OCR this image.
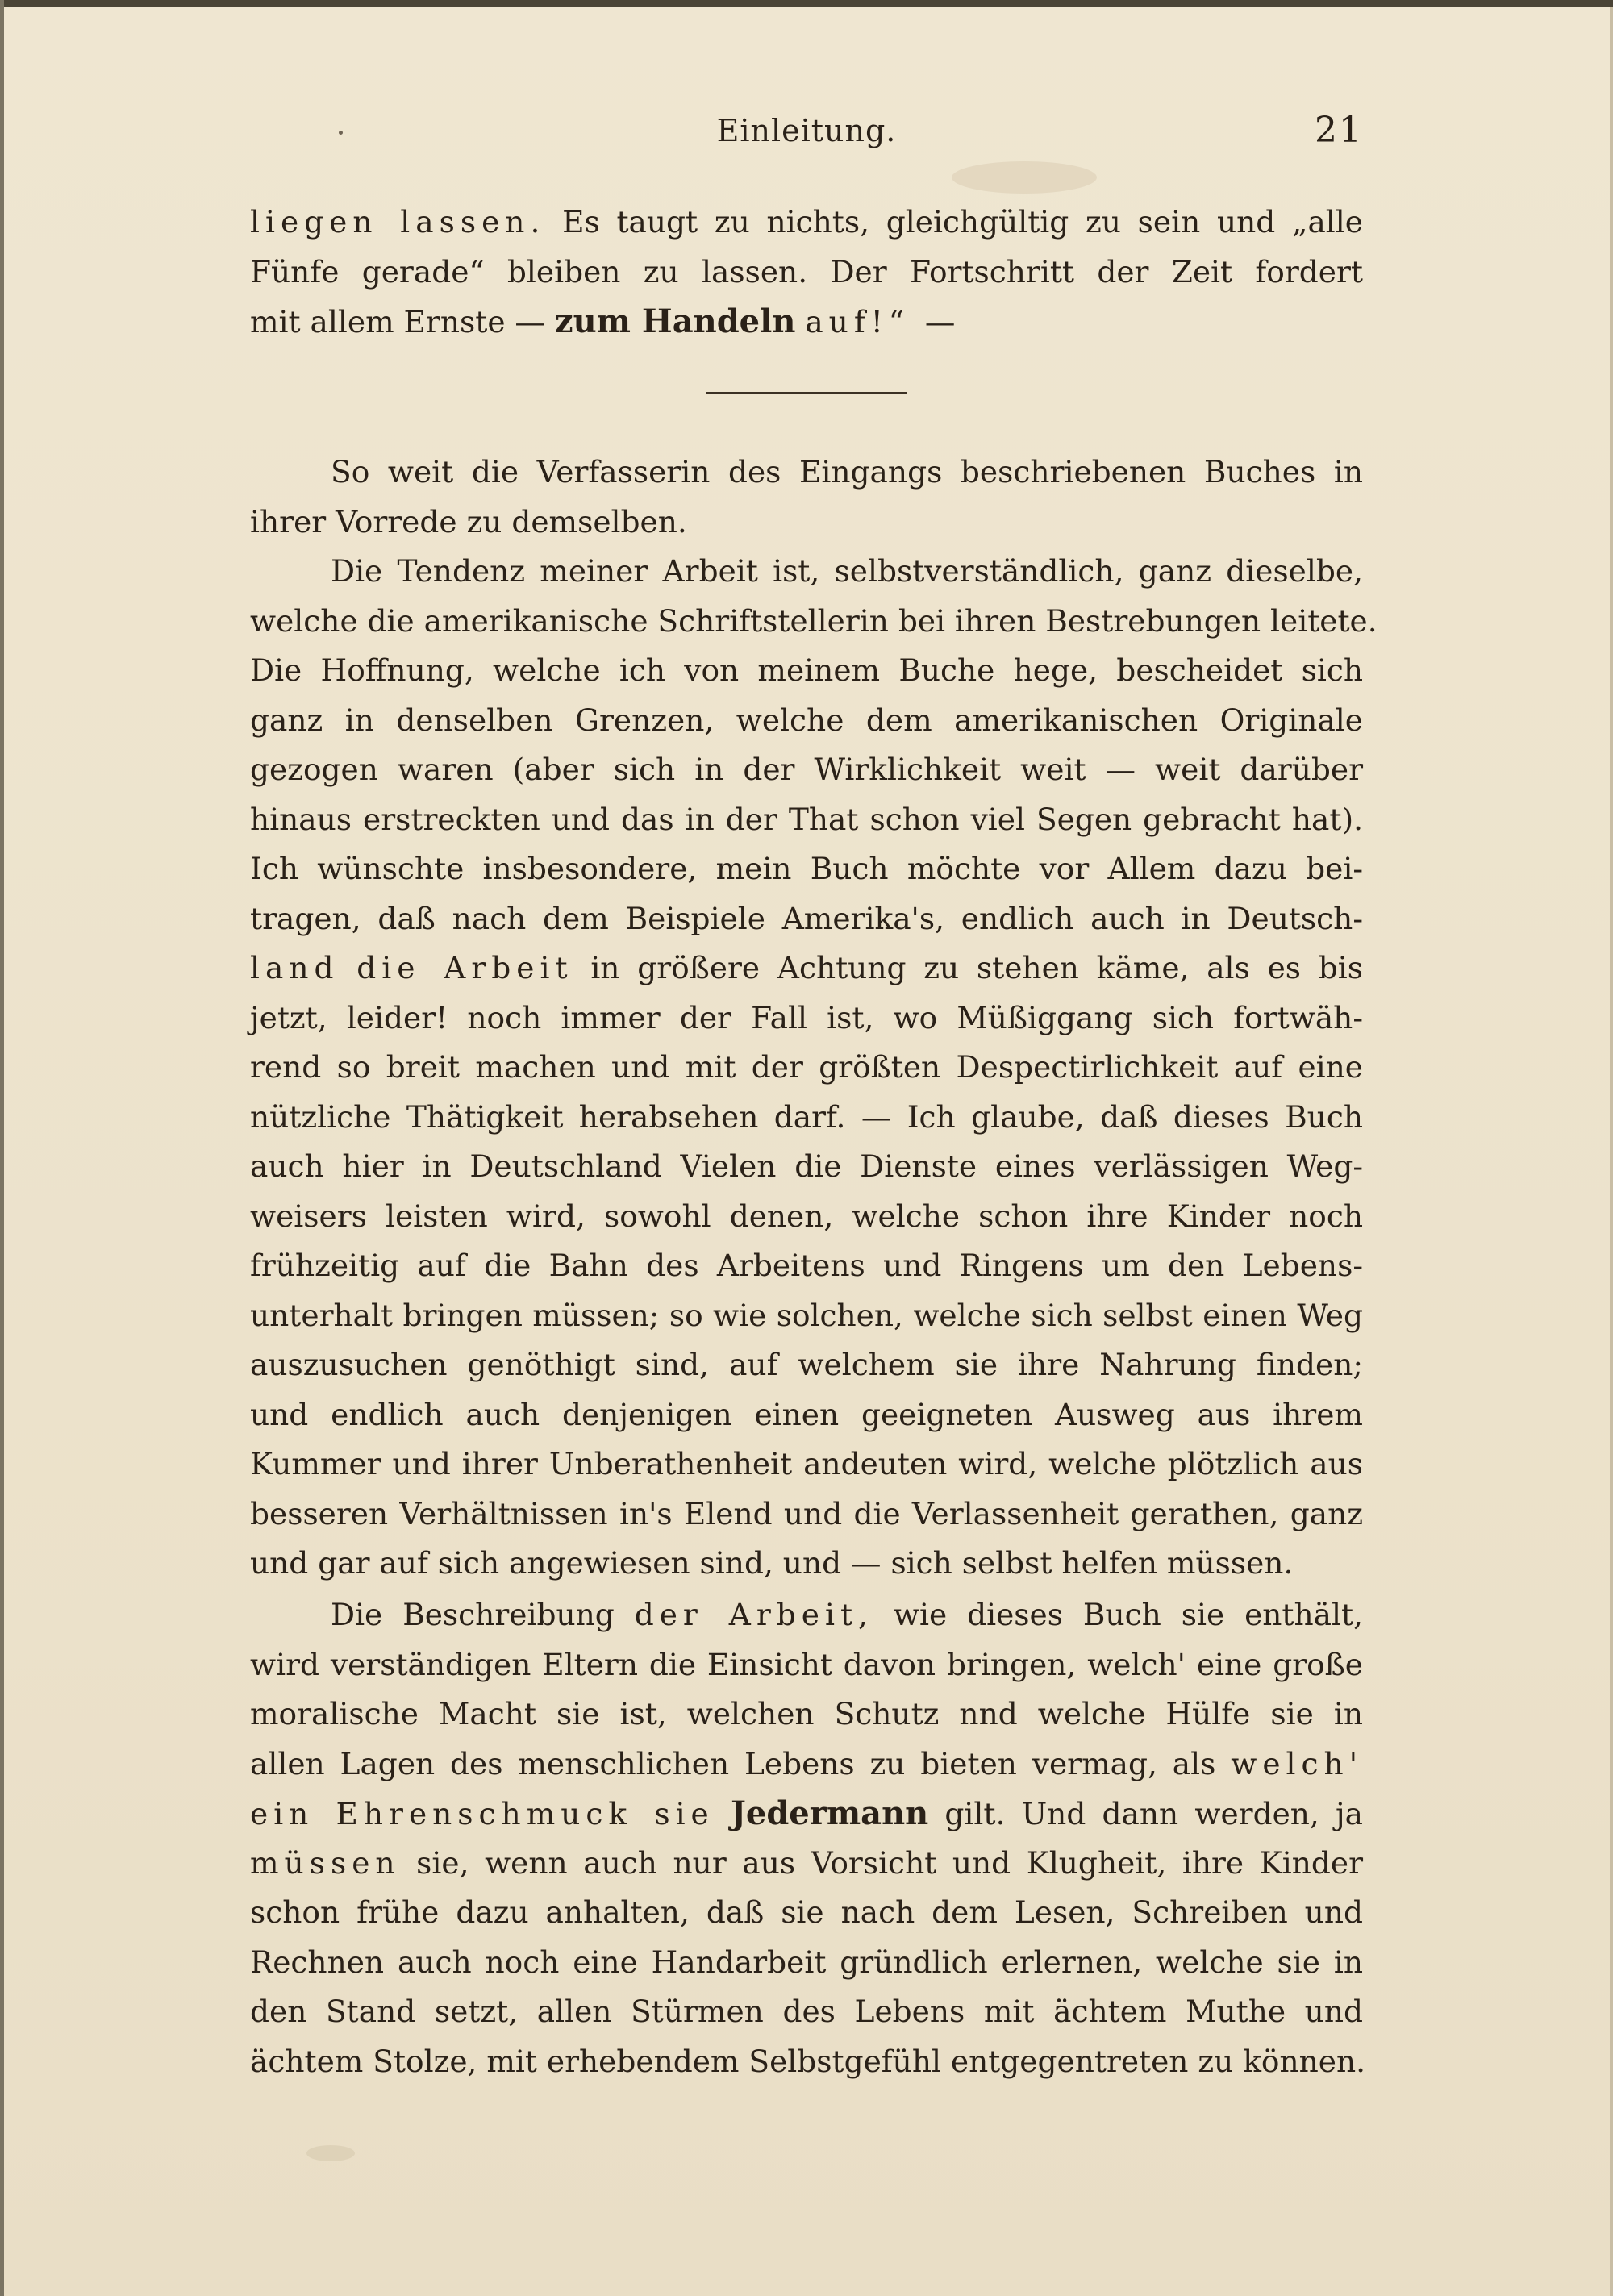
Einleitung.	21
liegen lassen. Es taugt zu nichts, gleichgültig zu sein und „alle
Fünfe gerade“ bleiben zu lassen. Der Fortschritt der Zeit fordert
mit allem Ernste — zum Handeln auf!“ —
So weit die Verfasserin des Eingangs beschriebenen Buches in
ihrer Vorrede zu demselben.
Die Tendenz meiner Arbeit ist, selbstverständlich, ganz dieselbe,
welche die amerikanische Schriftstellerin bei ihren Bestrebungen leitete.
Die Hoffnung, welche ich von meinem Buche hege, bescheidet sich
ganz in denselben Grenzen, welche dem amerikanischen Originale
gezogen waren (aber sich in der Wirklichkeit weit — weit darüber
hinaus erstreckten und das in der That schon viel Segen gebracht hat).
Ich wünschte insbesondere, mein Buch möchte vor Allem dazu bei-
tragen, daß nach dem Beispiele Amerika's, endlich auch in Deutsch-
land die Arbeit in größere Achtung zu stehen käme, als es bis
jetzt, leider! noch immer der Fall ist, wo Müßiggang sich fortwäh-
rend so breit machen und mit der größten Despectirlichkeit auf eine
nützliche Thätigkeit herabsehen darf. — Ich glaube, daß dieses Buch
auch hier in Deutschland Vielen die Dienste eines verlässigen Weg-
weisers leisten wird, sowohl denen, welche schon ihre Kinder noch
frühzeitig auf die Bahn des Arbeitens und Ringens um den Lebens-
unterhalt bringen müssen; so wie solchen, welche sich selbst einen Weg
auszusuchen genöthigt sind, auf welchem sie ihre Nahrung finden;
und endlich auch denjenigen einen geeigneten Ausweg aus ihrem
Kummer und ihrer Unberathenheit andeuten wird, welche plötzlich aus
besseren Verhältnissen in's Elend und die Verlassenheit gerathen, ganz
und gar auf sich angewiesen sind, und — sich selbst helfen müssen.
Die Beschreibung der Arbeit, wie dieses Buch sie enthält,
wird verständigen Eltern die Einsicht davon bringen, welch' eine große
moralische Macht sie ist, welchen Schutz nnd welche Hülfe sie in
allen Lagen des menschlichen Lebens zu bieten vermag, als welch'
ein Ehrenschmuck sie Jedermann gilt. Und dann werden, ja
müssen sie, wenn auch nur aus Vorsicht und Klugheit, ihre Kinder
schon frühe dazu anhalten, daß sie nach dem Lesen, Schreiben und
Rechnen auch noch eine Handarbeit gründlich erlernen, welche sie in
den Stand setzt, allen Stürmen des Lebens mit ächtem Muthe und
ächtem Stolze, mit erhebendem Selbstgefühl entgegentreten zu können.
